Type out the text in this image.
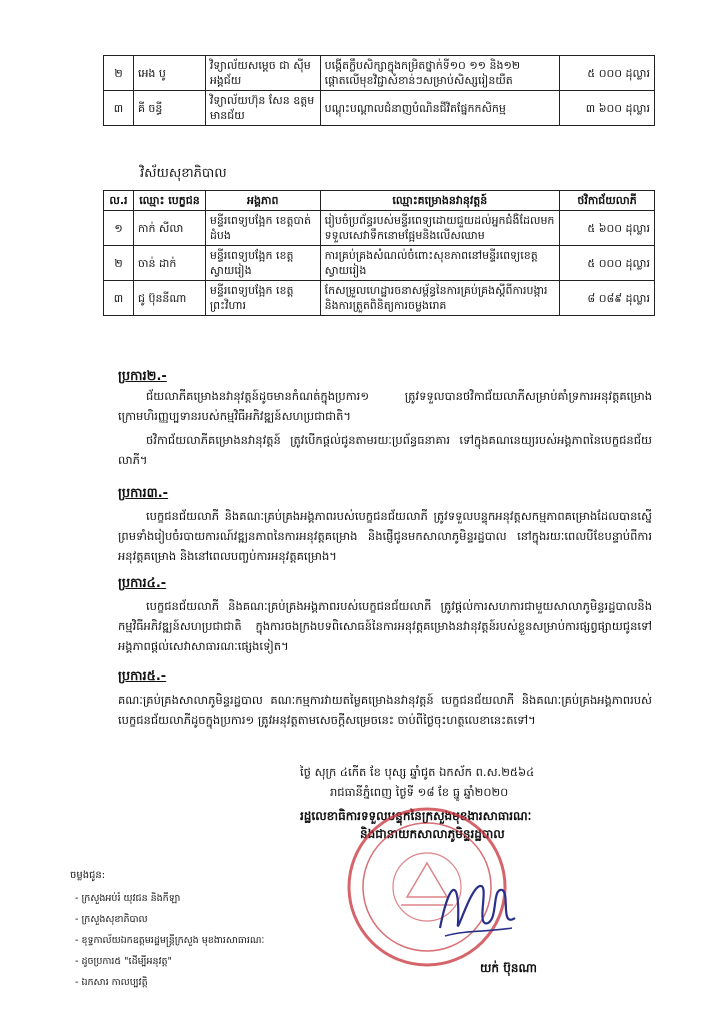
២	អេង បូ	វិទ្យាល័យសម្តេច ជា ស៊ីម អង្គជ័យ	បង្កើតក្លឹបសិក្សាក្នុងកម្រិតថ្នាក់ទី១០ ១១ និង១២ ផ្តោតលើមុខវិជ្ជាសំខាន់ៗសម្រាប់សិស្សរៀនយឺត	៥ ០០០ ដុល្លារ
៣	គី ចន្ធី	វិទ្យាល័យហ៊ុន សែន ឧត្តមមានជ័យ	បណ្តុះបណ្តាលជំនាញបំណិនជីវិតផ្នែកកសិកម្ម	៣ ៦០០ ដុល្លារ
វិស័យសុខាភិបាល
ល.រ	ឈ្មោះ បេក្ខជន	អង្គភាព	ឈ្មោះគម្រោងនវានុវត្តន៍	ថវិកាជ័យលាភី
១	កាក់ សីលា	មន្ទីរពេទ្យបង្អែក ខេត្តបាត់ដំបង	រៀបចំប្រព័ន្ធរបស់មន្ទីរពេទ្យដោយជួយដល់អ្នកជំងឺដែលមកទទួលសេវាទឹកនោមផ្អែមនិងលើសឈាម	៥ ៦០០ ដុល្លារ
២	ចាន់ ដាក់	មន្ទីរពេទ្យបង្អែក ខេត្តស្វាយរៀង	ការគ្រប់គ្រងសំណល់ចំពោះសុខភាពនៅមន្ទីរពេទ្យខេត្តស្វាយរៀង	៥ ០០០ ដុល្លារ
៣	ជូ ប៊ុននីណា	មន្ទីរពេទ្យបង្អែក ខេត្តព្រះវិហារ	កែសម្រួលហេដ្ឋារចនាសម្ព័ន្ធនៃការគ្រប់គ្រងស្តីពីការបង្ការនិងការត្រួតពិនិត្យការចម្លងរោគ	៨ ០៨៩ ដុល្លារ
ប្រការ២.-
ជ័យលាភីគម្រោងនវានុវត្តន៍ដូចមានកំណត់ក្នុងប្រការ១ ត្រូវទទួលបានថវិកាជ័យលាភីសម្រាប់គាំទ្រការអនុវត្តគម្រោង ក្រោមហិរញ្ញប្បទានរបស់កម្មវិធីអភិវឌ្ឍន៍សហប្រជាជាតិ។
ថវិកាជ័យលាភីគម្រោងនវានុវត្តន៍ ត្រូវបើកផ្តល់ជូនតាមរយៈប្រព័ន្ធធនាគារ ទៅក្នុងគណនេយ្យរបស់អង្គភាពនៃបេក្ខជនជ័យលាភី។
ប្រការ៣.-
បេក្ខជនជ័យលាភី និងគណៈគ្រប់គ្រងអង្គភាពរបស់បេក្ខជនជ័យលាភី ត្រូវទទួលបន្ទុកអនុវត្តសកម្មភាពគម្រោងដែលបានស្នើ ព្រមទាំងរៀបចំរបាយការណ៍វឌ្ឍនភាពនៃការអនុវត្តគម្រោង និងផ្ញើជូនមកសាលាភូមិន្ទរដ្ឋបាល នៅក្នុងរយៈពេលបីខែបន្ទាប់ពីការអនុវត្តគម្រោង និងនៅពេលបញ្ចប់ការអនុវត្តគម្រោង។
ប្រការ៤.-
បេក្ខជនជ័យលាភី និងគណៈគ្រប់គ្រងអង្គភាពរបស់បេក្ខជនជ័យលាភី ត្រូវផ្តល់ការសហការជាមួយសាលាភូមិន្ទរដ្ឋបាលនិងកម្មវិធីអភិវឌ្ឍន៍សហប្រជាជាតិ ក្នុងការចងក្រងបទពិសោធន៍នៃការអនុវត្តគម្រោងនវានុវត្តន៍របស់ខ្លួនសម្រាប់ការផ្សព្វផ្សាយជូនទៅអង្គភាពផ្តល់សេវាសាធារណៈផ្សេងទៀត។
ប្រការ៥.-
គណៈគ្រប់គ្រងសាលាភូមិន្ទរដ្ឋបាល គណៈកម្មការវាយតម្លៃគម្រោងនវានុវត្តន៍ បេក្ខជនជ័យលាភី និងគណៈគ្រប់គ្រងអង្គភាពរបស់បេក្ខជនជ័យលាភីដូចក្នុងប្រការ១ ត្រូវអនុវត្តតាមសេចក្តីសម្រេចនេះ ចាប់ពីថ្ងៃចុះហត្ថលេខានេះតទៅ។
ថ្ងៃ សុក្រ ៤កើត ខែ បុស្ស ឆ្នាំជូត ឯកស័ក ព.ស.២៥៦៤
រាជធានីភ្នំពេញ ថ្ងៃទី ១៨ ខែ ធ្នូ ឆ្នាំ២០២០
រដ្ឋលេខាធិការទទួលបន្ទុកនៃក្រសួងមុខងារសាធារណៈ
និងជានាយកសាលាភូមិន្ទរដ្ឋបាល
ចម្លងជូន:
- ក្រសួងអប់រំ យុវជន និងកីឡា
- ក្រសួងសុខាភិបាល
- ខុទ្ទកាល័យឯកឧត្តមរដ្ឋមន្ត្រីក្រសួង មុខងារសាធារណៈ
- ដូចប្រការ៥ "ដើម្បីអនុវត្ត"
- ឯកសារ កាលប្បវត្តិ
យក់ ប៊ុនណា
